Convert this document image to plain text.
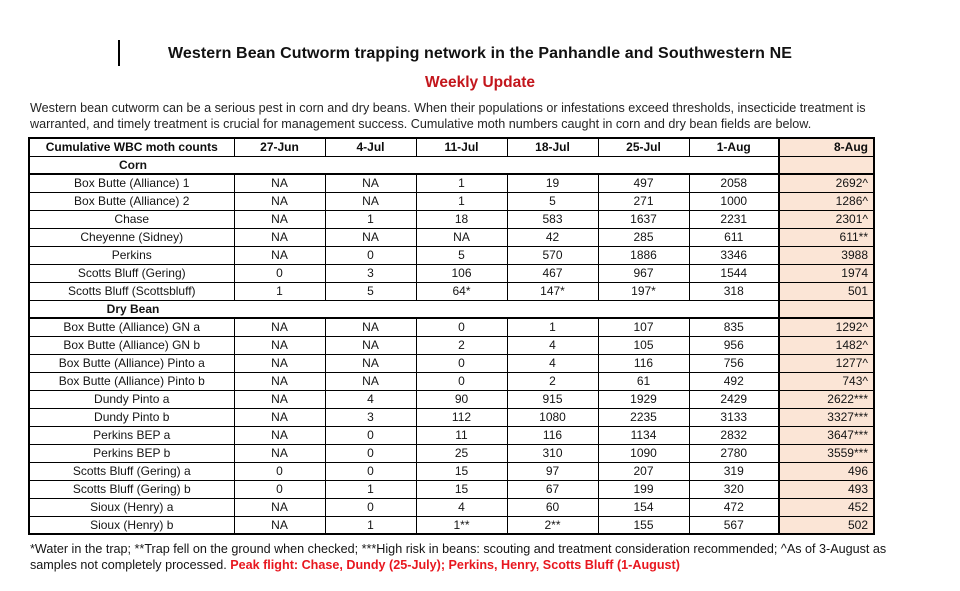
Western Bean Cutworm trapping network in the Panhandle and Southwestern NE
Weekly Update

Western bean cutworm can be a serious pest in corn and dry beans. When their populations or infestations exceed thresholds, insecticide treatment is warranted, and timely treatment is crucial for management success. Cumulative moth numbers caught in corn and dry bean fields are below.

Cumulative WBC moth counts	27-Jun	4-Jul	11-Jul	18-Jul	25-Jul	1-Aug	8-Aug
Corn							
Box Butte (Alliance) 1	NA	NA	1	19	497	2058	2692^
Box Butte (Alliance) 2	NA	NA	1	5	271	1000	1286^
Chase	NA	1	18	583	1637	2231	2301^
Cheyenne (Sidney)	NA	NA	NA	42	285	611	611**
Perkins	NA	0	5	570	1886	3346	3988
Scotts Bluff (Gering)	0	3	106	467	967	1544	1974
Scotts Bluff (Scottsbluff)	1	5	64*	147*	197*	318	501
Dry Bean							
Box Butte (Alliance) GN a	NA	NA	0	1	107	835	1292^
Box Butte (Alliance) GN b	NA	NA	2	4	105	956	1482^
Box Butte (Alliance) Pinto a	NA	NA	0	4	116	756	1277^
Box Butte (Alliance) Pinto b	NA	NA	0	2	61	492	743^
Dundy Pinto a	NA	4	90	915	1929	2429	2622***
Dundy Pinto b	NA	3	112	1080	2235	3133	3327***
Perkins BEP a	NA	0	11	116	1134	2832	3647***
Perkins BEP b	NA	0	25	310	1090	2780	3559***
Scotts Bluff (Gering) a	0	0	15	97	207	319	496
Scotts Bluff (Gering) b	0	1	15	67	199	320	493
Sioux (Henry) a	NA	0	4	60	154	472	452
Sioux (Henry) b	NA	1	1**	2**	155	567	502

*Water in the trap; **Trap fell on the ground when checked; ***High risk in beans: scouting and treatment consideration recommended; ^As of 3-August as
samples not completely processed. Peak flight: Chase, Dundy (25-July); Perkins, Henry, Scotts Bluff (1-August)
